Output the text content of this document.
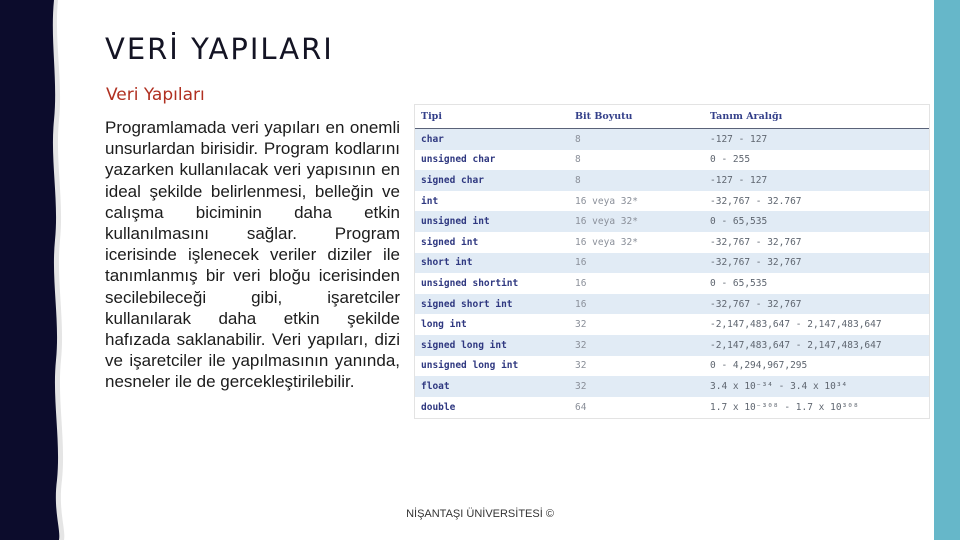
VERİ YAPILARI
Veri Yapıları

Programlamada veri yapıları en onemli unsurlardan birisidir. Program kodlarını yazarken kullanılacak veri yapısının en ideal şekilde belirlenmesi, belleğin ve calışma biciminin daha etkin kullanılmasını sağlar. Program icerisinde işlenecek veriler diziler ile tanımlanmış bir veri bloğu icerisinden secilebileceği gibi, işaretciler kullanılarak daha etkin şekilde hafızada saklanabilir. Veri yapıları, dizi ve işaretciler ile yapılmasının yanında, nesneler ile de gercekleştirilebilir.

Tipi	Bit Boyutu	Tanım Aralığı
char	8	-127 - 127
unsigned char	8	0 - 255
signed char	8	-127 - 127
int	16 veya 32*	-32,767 - 32.767
unsigned int	16 veya 32*	0 - 65,535
signed int	16 veya 32*	-32,767 - 32,767
short int	16	-32,767 - 32,767
unsigned shortint	16	0 - 65,535
signed short int	16	-32,767 - 32,767
long int	32	-2,147,483,647 - 2,147,483,647
signed long int	32	-2,147,483,647 - 2,147,483,647
unsigned long int	32	0 - 4,294,967,295
float	32	3.4 x 10⁻³⁴ - 3.4 x 10³⁴
double	64	1.7 x 10⁻³⁰⁸ - 1.7 x 10³⁰⁸
NİŞANTAŞI ÜNİVERSİTESİ ©
